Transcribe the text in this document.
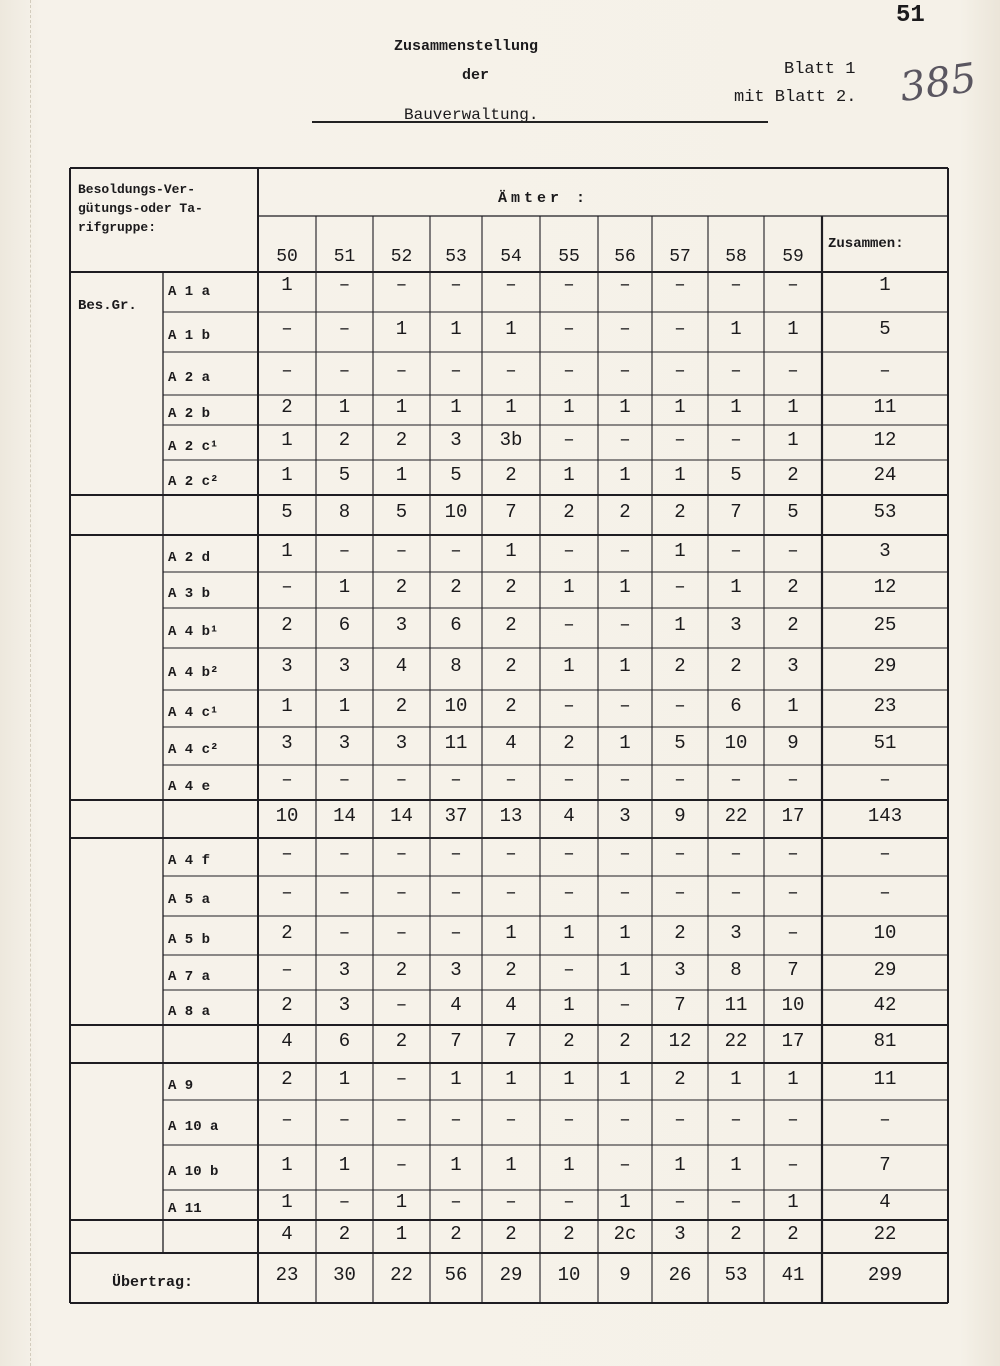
51
385
Zusammenstellung
der
Bauverwaltung.
Blatt 1
mit Blatt 2.
Besoldungs-Ver-
gütungs-oder Ta-
rifgruppe:
Ämter :
50	51	52	53	54	55	56	57	58	59
Zusammen:
Bes.Gr.
A 1 a	1	–	–	–	–	–	–	–	–	–	1
A 1 b	–	–	1	1	1	–	–	–	1	1	5
A 2 a	–	–	–	–	–	–	–	–	–	–	–
A 2 b	2	1	1	1	1	1	1	1	1	1	11
A 2 c¹	1	2	2	3	3b	–	–	–	–	1	12
A 2 c²	1	5	1	5	2	1	1	1	5	2	24
5	8	5	10	7	2	2	2	7	5	53
A 2 d	1	–	–	–	1	–	–	1	–	–	3
A 3 b	–	1	2	2	2	1	1	–	1	2	12
A 4 b¹	2	6	3	6	2	–	–	1	3	2	25
A 4 b²	3	3	4	8	2	1	1	2	2	3	29
A 4 c¹	1	1	2	10	2	–	–	–	6	1	23
A 4 c²	3	3	3	11	4	2	1	5	10	9	51
A 4 e	–	–	–	–	–	–	–	–	–	–	–
10	14	14	37	13	4	3	9	22	17	143
A 4 f	–	–	–	–	–	–	–	–	–	–	–
A 5 a	–	–	–	–	–	–	–	–	–	–	–
A 5 b	2	–	–	–	1	1	1	2	3	–	10
A 7 a	–	3	2	3	2	–	1	3	8	7	29
A 8 a	2	3	–	4	4	1	–	7	11	10	42
4	6	2	7	7	2	2	12	22	17	81
A 9	2	1	–	1	1	1	1	2	1	1	11
A 10 a	–	–	–	–	–	–	–	–	–	–	–
A 10 b	1	1	–	1	1	1	–	1	1	–	7
A 11	1	–	1	–	–	–	1	–	–	1	4
4	2	1	2	2	2	2c	3	2	2	22
Übertrag:	23	30	22	56	29	10	9	26	53	41	299
